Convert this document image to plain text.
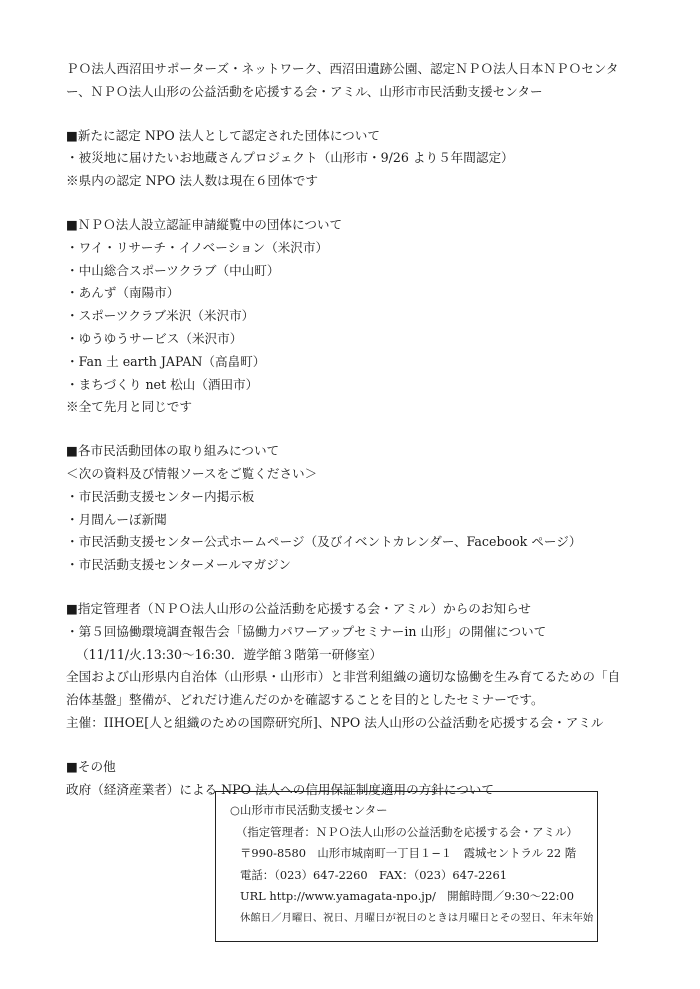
ＰＯ法人西沼田サポーターズ・ネットワーク、西沼田遺跡公園、認定ＮＰＯ法人日本ＮＰＯセンタ
ー、ＮＰＯ法人山形の公益活動を応援する会・アミル、山形市市民活動支援センター
■新たに認定 NPO 法人として認定された団体について
・被災地に届けたいお地蔵さんプロジェクト（山形市・9/26 より５年間認定）
※県内の認定 NPO 法人数は現在６団体です
■ＮＰＯ法人設立認証申請縦覧中の団体について
・ワイ・リサーチ・イノベーション（米沢市）
・中山総合スポーツクラブ（中山町）
・あんず（南陽市）
・スポーツクラブ米沢（米沢市）
・ゆうゆうサービス（米沢市）
・Fan 土 earth JAPAN（高畠町）
・まちづくり net 松山（酒田市）
※全て先月と同じです
■各市民活動団体の取り組みについて
＜次の資料及び情報ソースをご覧ください＞
・市民活動支援センター内掲示板
・月間んーぼ新聞
・市民活動支援センター公式ホームページ（及びイベントカレンダー、Facebook ページ）
・市民活動支援センターメールマガジン
■指定管理者（ＮＰＯ法人山形の公益活動を応援する会・アミル）からのお知らせ
・第５回協働環境調査報告会「協働力パワーアップセミナーin 山形」の開催について
（11/11/火.13:30～16:30．遊学館３階第一研修室）
全国および山形県内自治体（山形県・山形市）と非営利組織の適切な協働を生み育てるための「自
治体基盤」整備が、どれだけ進んだのかを確認することを目的としたセミナーです。
主催：IIHOE[人と組織のための国際研究所]、NPO 法人山形の公益活動を応援する会・アミル
■その他
政府（経済産業者）による NPO 法人への信用保証制度適用の方針について
○山形市市民活動支援センター
（指定管理者：ＮＰＯ法人山形の公益活動を応援する会・アミル）
〒990-8580　山形市城南町一丁目１−１　霞城セントラル 22 階
電話：（023）647-2260　FAX：（023）647-2261
URL http://www.yamagata-npo.jp/　開館時間／9:30～22:00
休館日／月曜日、祝日、月曜日が祝日のときは月曜日とその翌日、年末年始
